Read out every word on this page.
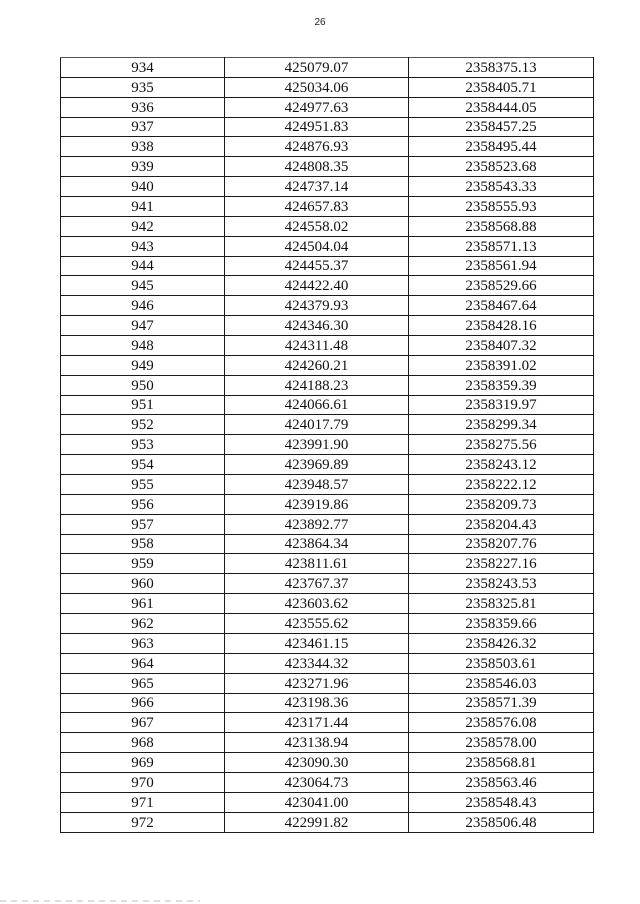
26
934	425079.07	2358375.13
935	425034.06	2358405.71
936	424977.63	2358444.05
937	424951.83	2358457.25
938	424876.93	2358495.44
939	424808.35	2358523.68
940	424737.14	2358543.33
941	424657.83	2358555.93
942	424558.02	2358568.88
943	424504.04	2358571.13
944	424455.37	2358561.94
945	424422.40	2358529.66
946	424379.93	2358467.64
947	424346.30	2358428.16
948	424311.48	2358407.32
949	424260.21	2358391.02
950	424188.23	2358359.39
951	424066.61	2358319.97
952	424017.79	2358299.34
953	423991.90	2358275.56
954	423969.89	2358243.12
955	423948.57	2358222.12
956	423919.86	2358209.73
957	423892.77	2358204.43
958	423864.34	2358207.76
959	423811.61	2358227.16
960	423767.37	2358243.53
961	423603.62	2358325.81
962	423555.62	2358359.66
963	423461.15	2358426.32
964	423344.32	2358503.61
965	423271.96	2358546.03
966	423198.36	2358571.39
967	423171.44	2358576.08
968	423138.94	2358578.00
969	423090.30	2358568.81
970	423064.73	2358563.46
971	423041.00	2358548.43
972	422991.82	2358506.48
